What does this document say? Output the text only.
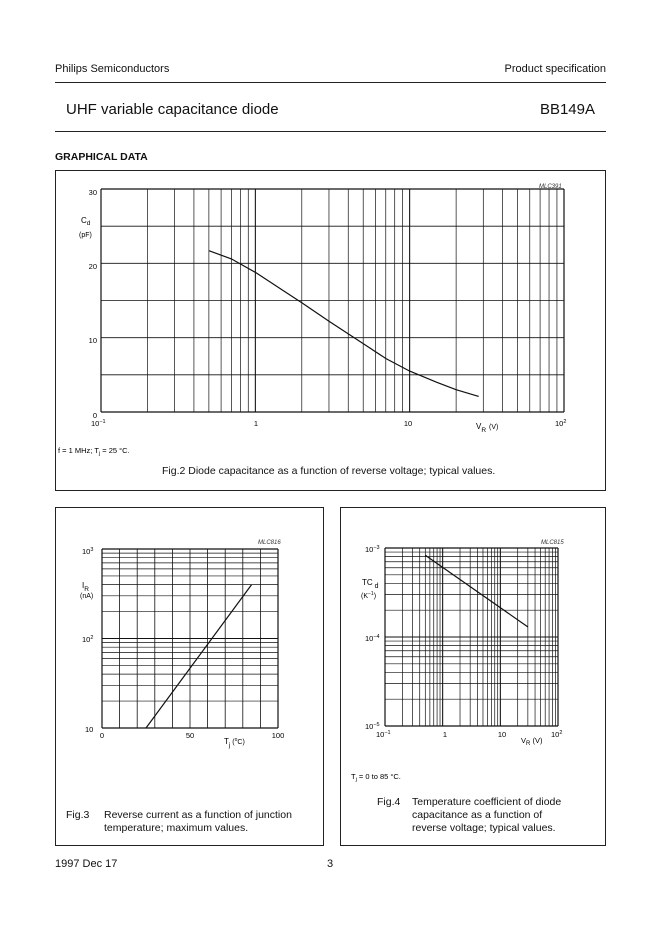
Philips Semiconductors	Product specification
UHF variable capacitance diode	BB149A
GRAPHICAL DATA
MLC391
30
20
10
0
$C_d$
(pF)
$10^{-1}$	1	10	$10^2$
$V_R$ (V)
f = 1 MHz; $T_j = 25$ °C.
Fig.2 Diode capacitance as a function of reverse voltage; typical values.
MLC816
$10^3$
$10^2$
10
$I_R$
(nA)
0	50	100
$T_j$ ($^o$C)
Fig.3 Reverse current as a function of junction
temperature; maximum values.
MLC815
$10^{-3}$
$10^{-4}$
$10^{-5}$
TC d
$(K^{-1})$
$10^{-1}$	1	10	$10^2$
$V_R$ (V)
$T_j = 0$ to 85 °C.
Fig.4 Temperature coefficient of diode
capacitance as a function of
reverse voltage; typical values.
1997 Dec 17	3
